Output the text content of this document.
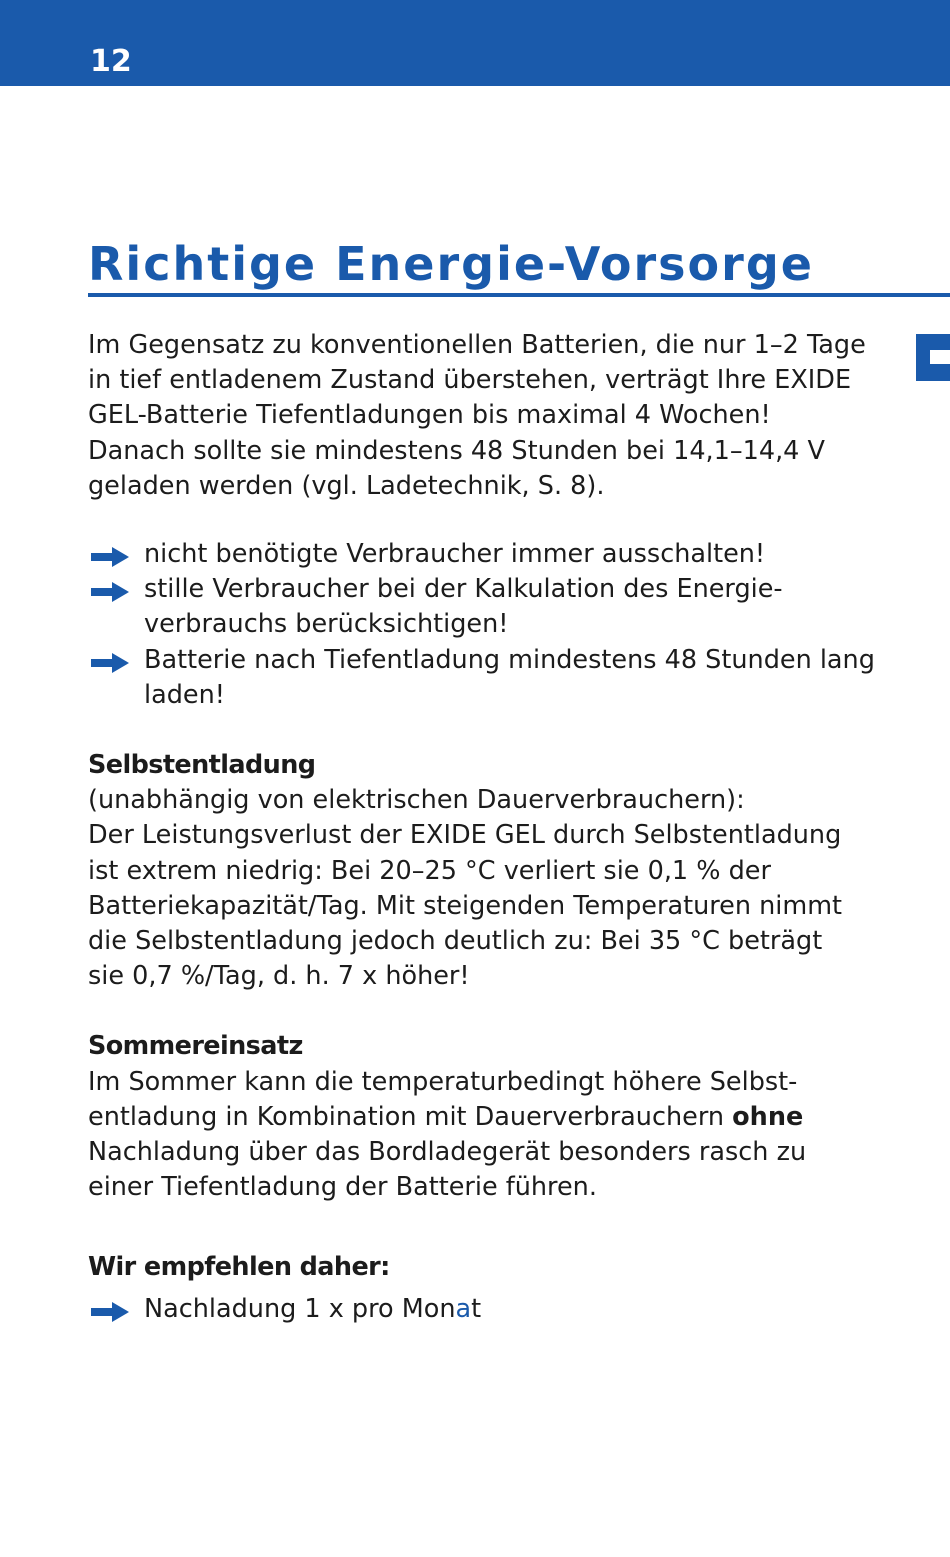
12
Richtige Energie-Vorsorge

Im Gegensatz zu konventionellen Batterien, die nur 1–2 Tage
in tief entladenem Zustand überstehen, verträgt Ihre EXIDE
GEL-Batterie Tiefentladungen bis maximal 4 Wochen!
Danach sollte sie mindestens 48 Stunden bei 14,1–14,4 V
geladen werden (vgl. Ladetechnik, S. 8).

nicht benötigte Verbraucher immer ausschalten!
stille Verbraucher bei der Kalkulation des Energie-
verbrauchs berücksichtigen!
Batterie nach Tiefentladung mindestens 48 Stunden lang
laden!
Selbstentladung

(unabhängig von elektrischen Dauerverbrauchern):
Der Leistungsverlust der EXIDE GEL durch Selbstentladung
ist extrem niedrig: Bei 20–25 °C verliert sie 0,1 % der
Batteriekapazität/Tag. Mit steigenden Temperaturen nimmt
die Selbstentladung jedoch deutlich zu: Bei 35 °C beträgt
sie 0,7 %/Tag, d. h. 7 x höher!

Sommereinsatz

Im Sommer kann die temperaturbedingt höhere Selbst-
entladung in Kombination mit Dauerverbrauchern ohne
Nachladung über das Bordladegerät besonders rasch zu
einer Tiefentladung der Batterie führen.

Wir empfehlen daher:
Nachladung 1 x pro Monat
